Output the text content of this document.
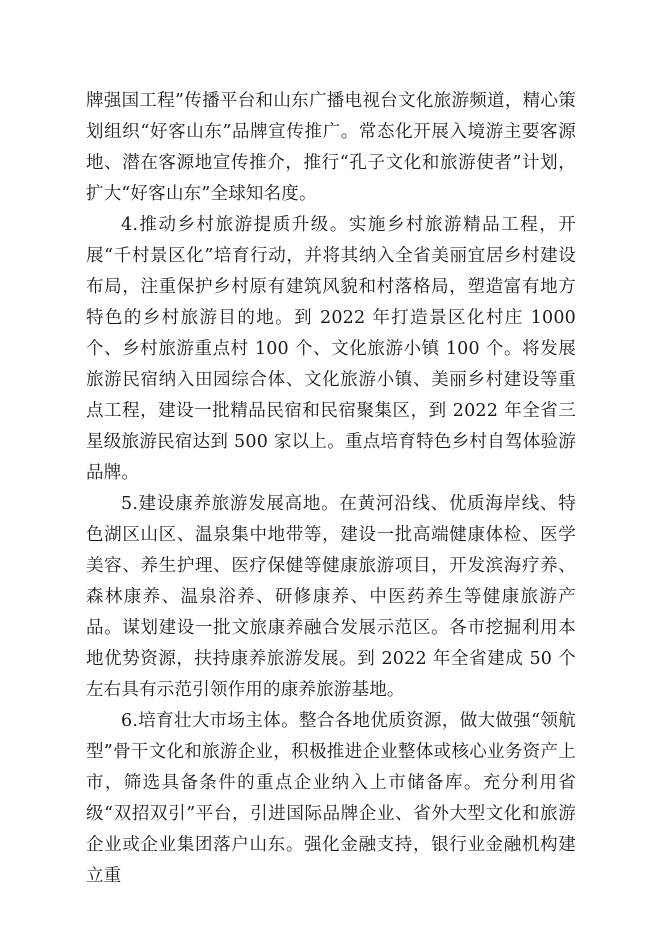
牌强国工程”传播平台和山东广播电视台文化旅游频道，精心策划组织“好客山东”品牌宣传推广。常态化开展入境游主要客源地、潜在客源地宣传推介，推行“孔子文化和旅游使者”计划，扩大“好客山东”全球知名度。

4.推动乡村旅游提质升级。实施乡村旅游精品工程，开展“千村景区化”培育行动，并将其纳入全省美丽宜居乡村建设布局，注重保护乡村原有建筑风貌和村落格局，塑造富有地方特色的乡村旅游目的地。到 2022 年打造景区化村庄 1000 个、乡村旅游重点村 100 个、文化旅游小镇 100 个。将发展旅游民宿纳入田园综合体、文化旅游小镇、美丽乡村建设等重点工程，建设一批精品民宿和民宿聚集区，到 2022 年全省三星级旅游民宿达到 500 家以上。重点培育特色乡村自驾体验游品牌。

5.建设康养旅游发展高地。在黄河沿线、优质海岸线、特色湖区山区、温泉集中地带等，建设一批高端健康体检、医学美容、养生护理、医疗保健等健康旅游项目，开发滨海疗养、森林康养、温泉浴养、研修康养、中医药养生等健康旅游产品。谋划建设一批文旅康养融合发展示范区。各市挖掘利用本地优势资源，扶持康养旅游发展。到 2022 年全省建成 50 个左右具有示范引领作用的康养旅游基地。

6.培育壮大市场主体。整合各地优质资源，做大做强“领航型”骨干文化和旅游企业，积极推进企业整体或核心业务资产上市，筛选具备条件的重点企业纳入上市储备库。充分利用省级“双招双引”平台，引进国际品牌企业、省外大型文化和旅游企业或企业集团落户山东。强化金融支持，银行业金融机构建立重
